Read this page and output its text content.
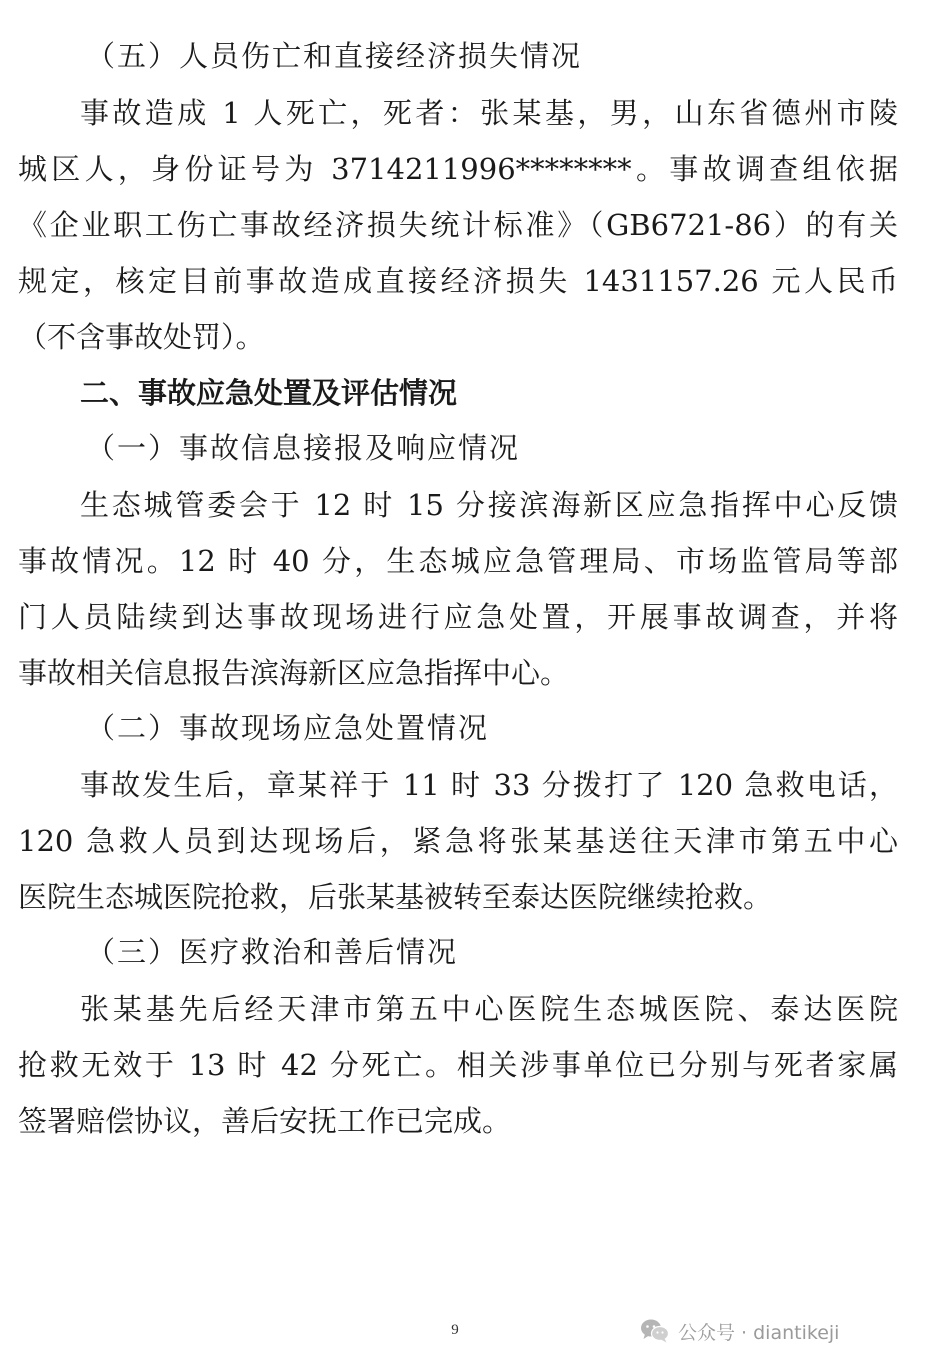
（五）人员伤亡和直接经济损失情况
事故造成 1 人死亡，死者：张某基，男，山东省德州市陵
城区人，身份证号为 3714211996********。事故调查组依据
《企业职工伤亡事故经济损失统计标准》（GB6721-86）的有关
规定，核定目前事故造成直接经济损失 1431157.26 元人民币
（不含事故处罚）。
二、事故应急处置及评估情况
（一）事故信息接报及响应情况
生态城管委会于 12 时 15 分接滨海新区应急指挥中心反馈
事故情况。12 时 40 分，生态城应急管理局、市场监管局等部
门人员陆续到达事故现场进行应急处置，开展事故调查，并将
事故相关信息报告滨海新区应急指挥中心。
（二）事故现场应急处置情况
事故发生后，章某祥于 11 时 33 分拨打了 120 急救电话，
120 急救人员到达现场后，紧急将张某基送往天津市第五中心
医院生态城医院抢救，后张某基被转至泰达医院继续抢救。
（三）医疗救治和善后情况
张某基先后经天津市第五中心医院生态城医院、泰达医院
抢救无效于 13 时 42 分死亡。相关涉事单位已分别与死者家属
签署赔偿协议，善后安抚工作已完成。
9	公众号 · diantikeji
